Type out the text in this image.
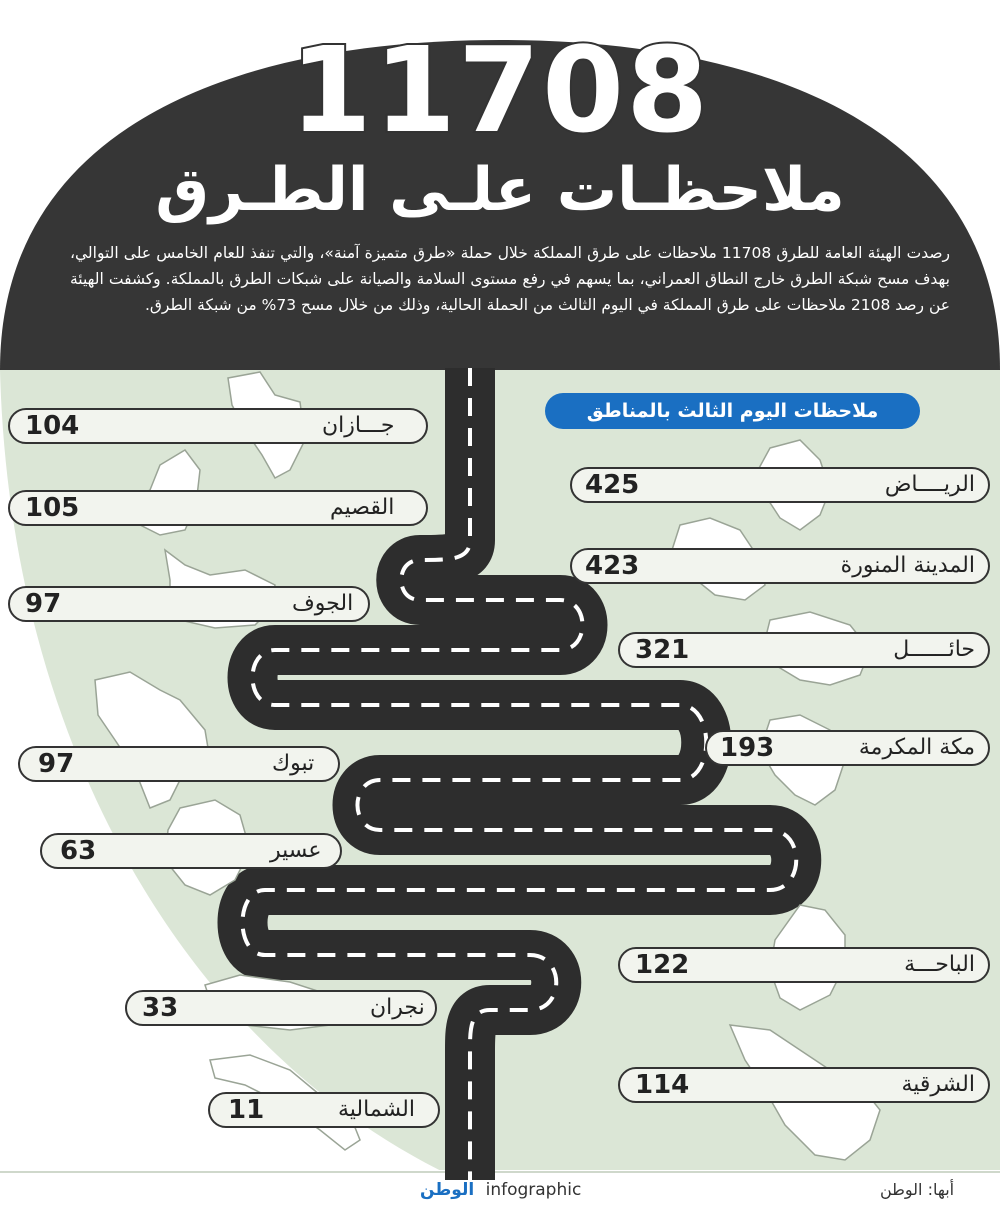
11708
ملاحظـات علـى الطـرق
رصدت الهيئة العامة للطرق 11708 ملاحظات على طرق المملكة خلال حملة «طرق متميزة آمنة»، والتي تنفذ للعام الخامس على التوالي، بهدف مسح شبكة الطرق خارج النطاق العمراني، بما يسهم في رفع مستوى السلامة والصيانة على شبكات الطرق بالمملكة. وكشفت الهيئة عن رصد 2108 ملاحظات على طرق المملكة في اليوم الثالث من الحملة الحالية، وذلك من خلال مسح 73% من شبكة الطرق.
ملاحظات اليوم الثالث بالمناطق
425	الريــــاض
423	المدينة المنورة
321	حائــــــل
193	مكة المكرمة
122	الباحـــة
114	الشرقية
104	جـــازان
105	القصيم
97	الجوف
97	تبوك
63	عسير
33	نجران
11	الشمالية
الوطن infographic	أبها: الوطن
